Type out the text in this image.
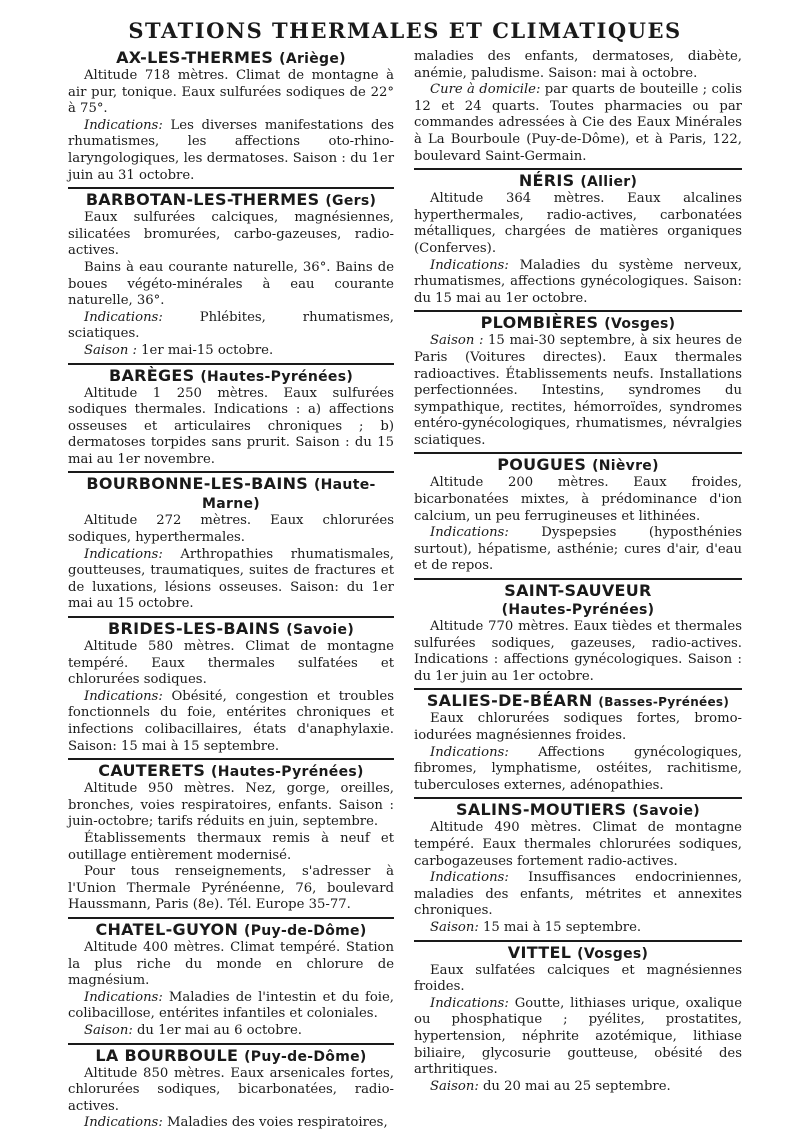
STATIONS THERMALES ET CLIMATIQUES
AX-LES-THERMES (Ariège)

Altitude 718 mètres. Climat de montagne à air pur, tonique. Eaux sulfurées sodiques de 22° à 75°.

Indications: Les diverses manifestations des rhumatismes, les affections oto-rhino-laryngologiques, les dermatoses. Saison : du 1er juin au 31 octobre.

BARBOTAN-LES-THERMES (Gers)

Eaux sulfurées calciques, magnésiennes, silicatées bromurées, carbo-gazeuses, radio-actives.

Bains à eau courante naturelle, 36°. Bains de boues végéto-minérales à eau courante naturelle, 36°.

Indications: Phlébites, rhumatismes, sciatiques.

Saison : 1er mai-15 octobre.

BARÈGES (Hautes-Pyrénées)

Altitude 1 250 mètres. Eaux sulfurées sodiques thermales. Indications : a) affections osseuses et articulaires chroniques ; b) dermatoses torpides sans prurit. Saison : du 15 mai au 1er novembre.

BOURBONNE-LES-BAINS (Haute-Marne)

Altitude 272 mètres. Eaux chlorurées sodiques, hyperthermales.

Indications: Arthropathies rhumatismales, goutteuses, traumatiques, suites de fractures et de luxations, lésions osseuses. Saison: du 1er mai au 15 octobre.

BRIDES-LES-BAINS (Savoie)

Altitude 580 mètres. Climat de montagne tempéré. Eaux thermales sulfatées et chlorurées sodiques.

Indications: Obésité, congestion et troubles fonctionnels du foie, entérites chroniques et infections colibacillaires, états d'anaphylaxie. Saison: 15 mai à 15 septembre.

CAUTERETS (Hautes-Pyrénées)

Altitude 950 mètres. Nez, gorge, oreilles, bronches, voies respiratoires, enfants. Saison : juin-octobre; tarifs réduits en juin, septembre.

Établissements thermaux remis à neuf et outillage entièrement modernisé.

Pour tous renseignements, s'adresser à l'Union Thermale Pyrénéenne, 76, boulevard Haussmann, Paris (8e). Tél. Europe 35-77.

CHATEL-GUYON (Puy-de-Dôme)

Altitude 400 mètres. Climat tempéré. Station la plus riche du monde en chlorure de magnésium.

Indications: Maladies de l'intestin et du foie, colibacillose, entérites infantiles et coloniales.

Saison: du 1er mai au 6 octobre.

LA BOURBOULE (Puy-de-Dôme)

Altitude 850 mètres. Eaux arsenicales fortes, chlorurées sodiques, bicarbonatées, radio-actives.

Indications: Maladies des voies respiratoires,

maladies des enfants, dermatoses, diabète, anémie, paludisme. Saison: mai à octobre.

Cure à domicile: par quarts de bouteille ; colis 12 et 24 quarts. Toutes pharmacies ou par commandes adressées à Cie des Eaux Minérales à La Bourboule (Puy-de-Dôme), et à Paris, 122, boulevard Saint-Germain.

NÉRIS (Allier)

Altitude 364 mètres. Eaux alcalines hyperthermales, radio-actives, carbonatées métalliques, chargées de matières organiques (Conferves).

Indications: Maladies du système nerveux, rhumatismes, affections gynécologiques. Saison: du 15 mai au 1er octobre.

PLOMBIÈRES (Vosges)

Saison : 15 mai-30 septembre, à six heures de Paris (Voitures directes). Eaux thermales radioactives. Établissements neufs. Installations perfectionnées. Intestins, syndromes du sympathique, rectites, hémorroïdes, syndromes entéro-gynécologiques, rhumatismes, névralgies sciatiques.

POUGUES (Nièvre)

Altitude 200 mètres. Eaux froides, bicarbonatées mixtes, à prédominance d'ion calcium, un peu ferrugineuses et lithinées.

Indications: Dyspepsies (hyposthénies surtout), hépatisme, asthénie; cures d'air, d'eau et de repos.

SAINT-SAUVEUR
(Hautes-Pyrénées)

Altitude 770 mètres. Eaux tièdes et thermales sulfurées sodiques, gazeuses, radio-actives. Indications : affections gynécologiques. Saison : du 1er juin au 1er octobre.

SALIES-DE-BÉARN (Basses-Pyrénées)

Eaux chlorurées sodiques fortes, bromo-iodurées magnésiennes froides.

Indications: Affections gynécologiques, fibromes, lymphatisme, ostéites, rachitisme, tuberculoses externes, adénopathies.

SALINS-MOUTIERS (Savoie)

Altitude 490 mètres. Climat de montagne tempéré. Eaux thermales chlorurées sodiques, carbogazeuses fortement radio-actives.

Indications: Insuffisances endocriniennes, maladies des enfants, métrites et annexites chroniques.

Saison: 15 mai à 15 septembre.

VITTEL (Vosges)

Eaux sulfatées calciques et magnésiennes froides.

Indications: Goutte, lithiases urique, oxalique ou phosphatique ; pyélites, prostatites, hypertension, néphrite azotémique, lithiase biliaire, glycosurie goutteuse, obésité des arthritiques.

Saison: du 20 mai au 25 septembre.
